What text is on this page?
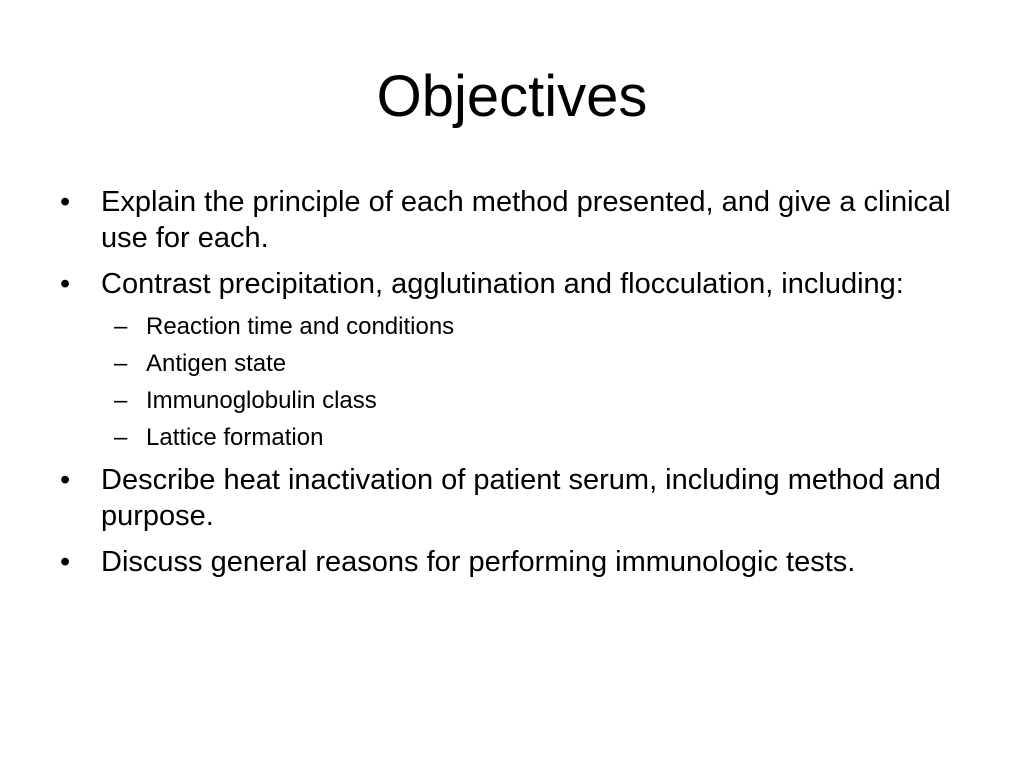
Objectives
• Explain the principle of each method presented, and give a clinical use for each.
• Contrast precipitation, agglutination and flocculation, including:
– Reaction time and conditions
– Antigen state
– Immunoglobulin class
– Lattice formation
• Describe heat inactivation of patient serum, including method and purpose.
• Discuss general reasons for performing immunologic tests.
